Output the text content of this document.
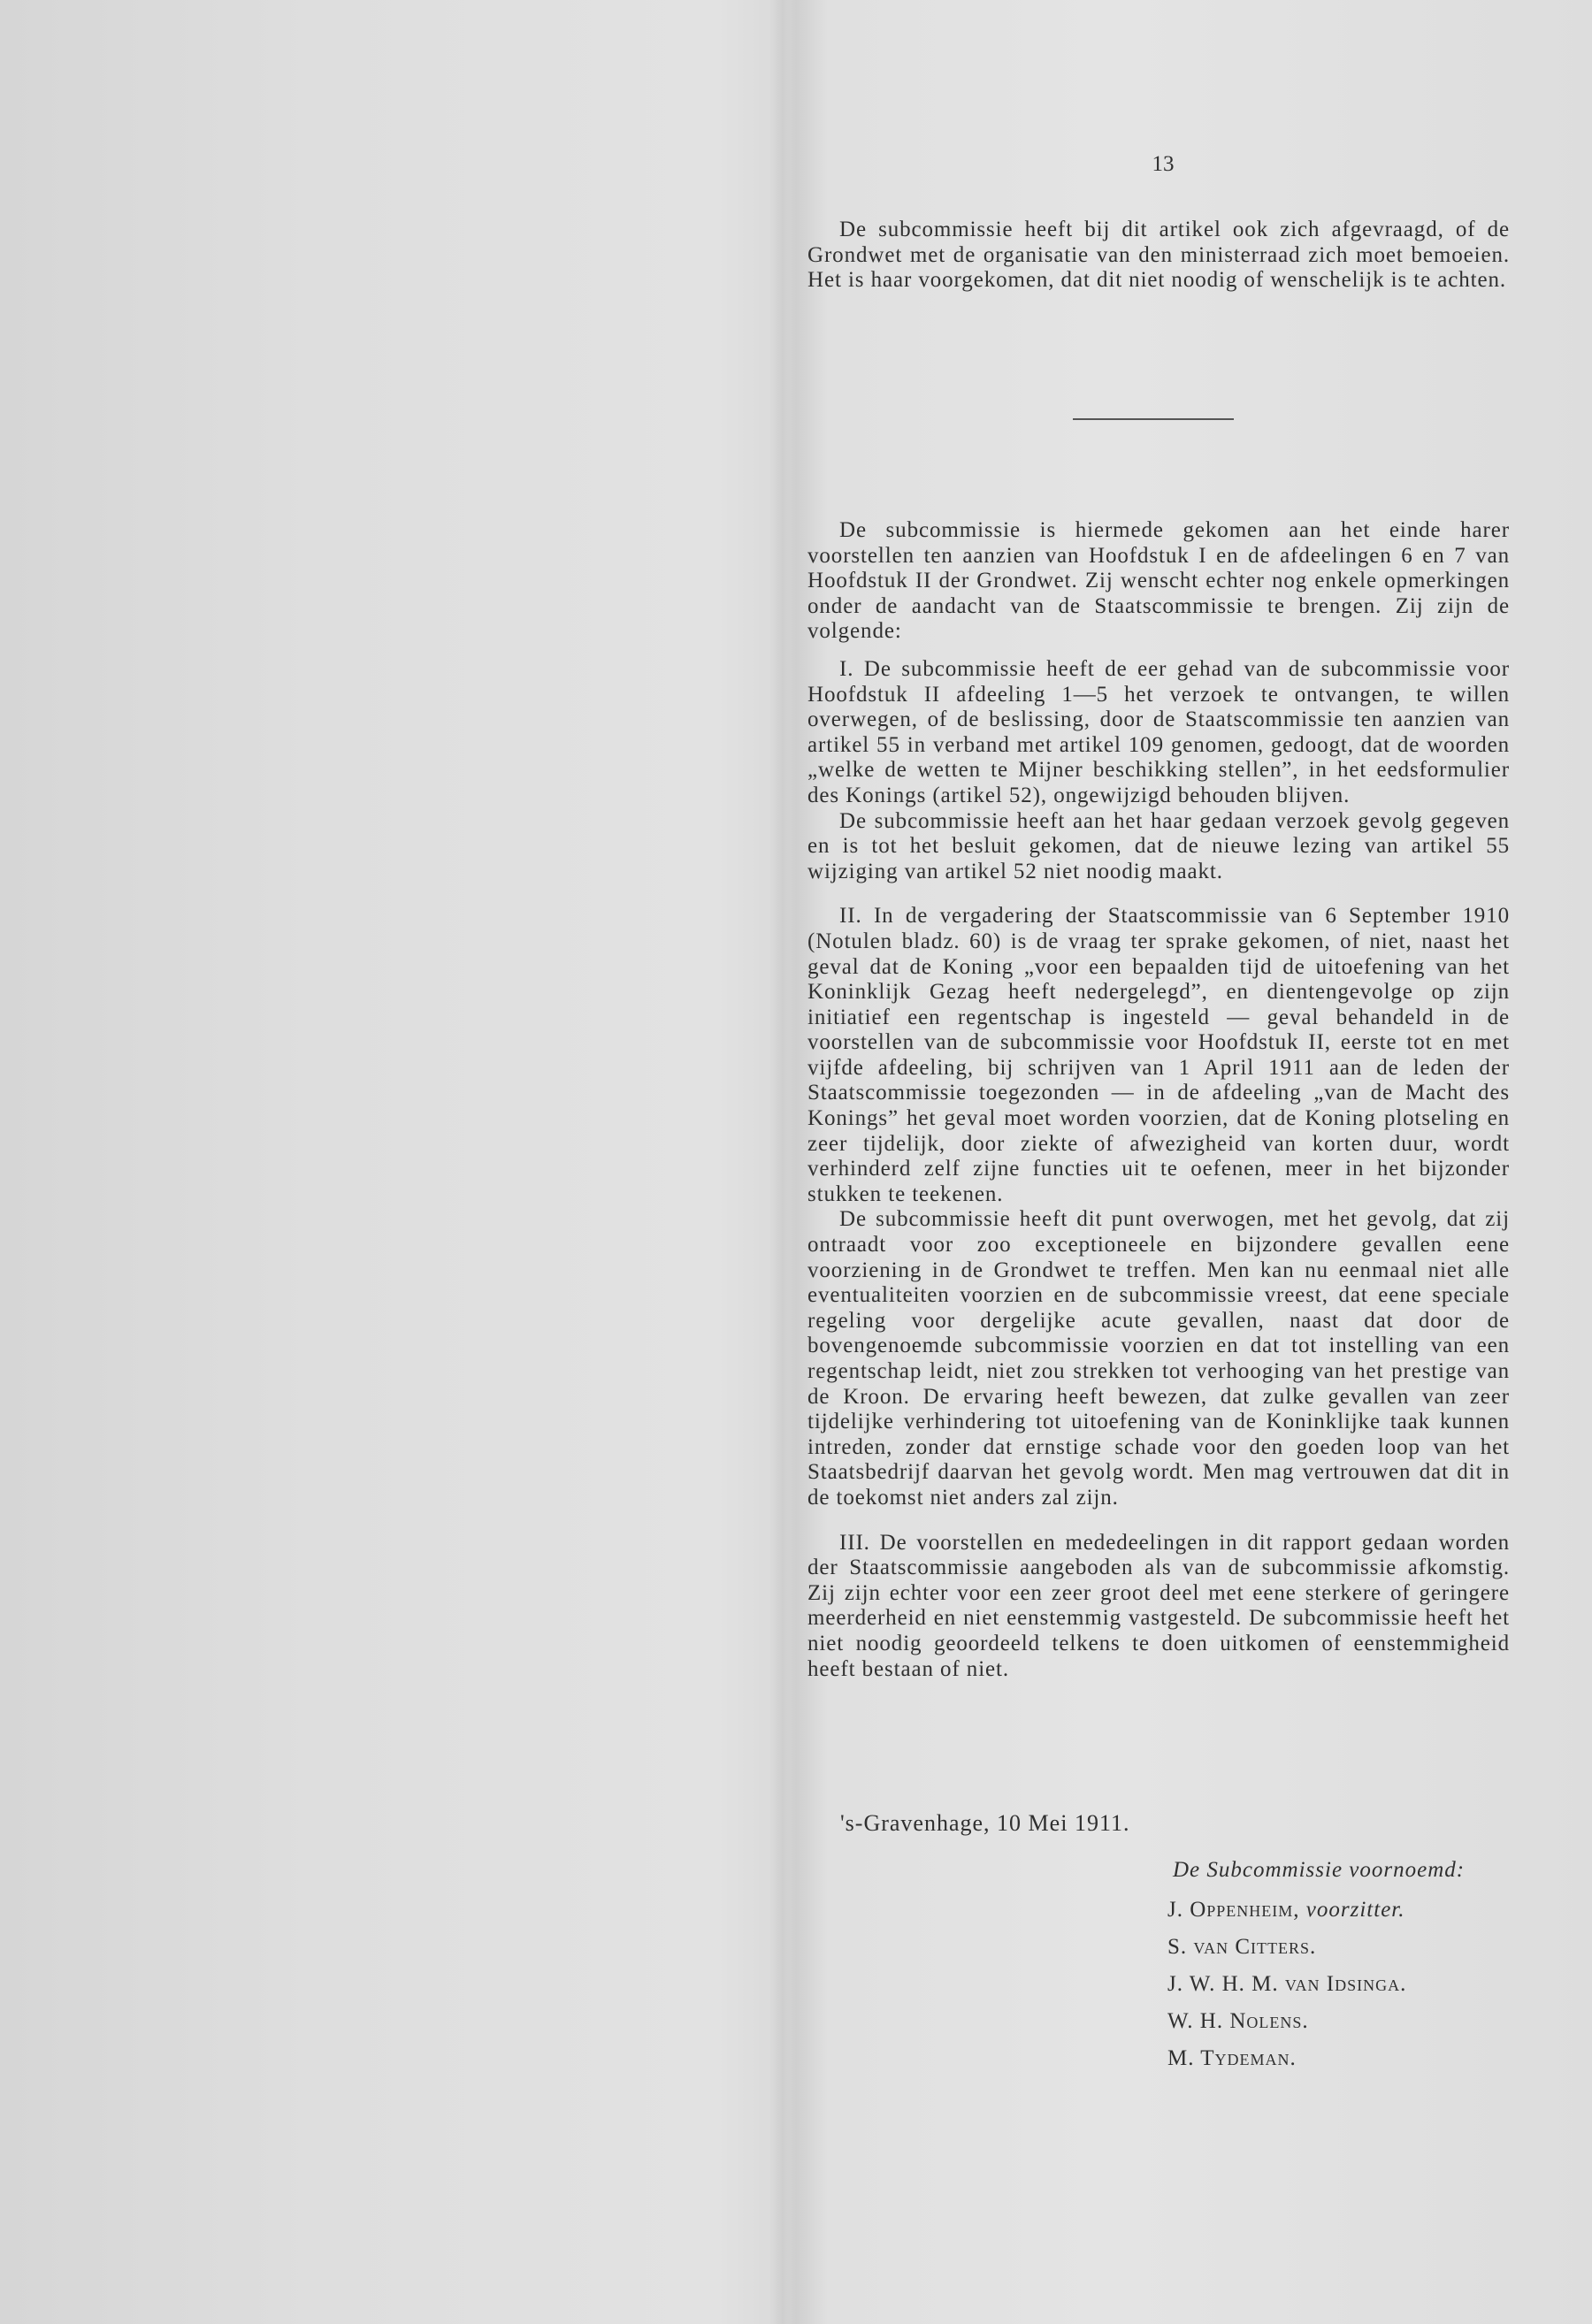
13

De subcommissie heeft bij dit artikel ook zich afgevraagd, of de Grondwet met de organisatie van den ministerraad zich moet bemoeien. Het is haar voorgekomen, dat dit niet noodig of wenschelijk is te achten.

De subcommissie is hiermede gekomen aan het einde harer voorstellen ten aanzien van Hoofdstuk I en de afdeelingen 6 en 7 van Hoofdstuk II der Grondwet. Zij wenscht echter nog enkele opmerkingen onder de aandacht van de Staatscommissie te brengen. Zij zijn de volgende:

I. De subcommissie heeft de eer gehad van de subcommissie voor Hoofdstuk II afdeeling 1—5 het verzoek te ontvangen, te willen overwegen, of de beslissing, door de Staatscommissie ten aanzien van artikel 55 in verband met artikel 109 genomen, gedoogt, dat de woorden „welke de wetten te Mijner beschikking stellen”, in het eedsformulier des Konings (artikel 52), ongewijzigd behouden blijven.

De subcommissie heeft aan het haar gedaan verzoek gevolg gegeven en is tot het besluit gekomen, dat de nieuwe lezing van artikel 55 wijziging van artikel 52 niet noodig maakt.

II. In de vergadering der Staatscommissie van 6 September 1910 (Notulen bladz. 60) is de vraag ter sprake gekomen, of niet, naast het geval dat de Koning „voor een bepaalden tijd de uitoefening van het Koninklijk Gezag heeft nedergelegd”, en dientengevolge op zijn initiatief een regentschap is ingesteld — geval behandeld in de voorstellen van de subcommissie voor Hoofdstuk II, eerste tot en met vijfde afdeeling, bij schrijven van 1 April 1911 aan de leden der Staatscommissie toegezonden — in de afdeeling „van de Macht des Konings” het geval moet worden voorzien, dat de Koning plotseling en zeer tijdelijk, door ziekte of afwezigheid van korten duur, wordt verhinderd zelf zijne functies uit te oefenen, meer in het bijzonder stukken te teekenen.

De subcommissie heeft dit punt overwogen, met het gevolg, dat zij ontraadt voor zoo exceptioneele en bijzondere gevallen eene voorziening in de Grondwet te treffen. Men kan nu eenmaal niet alle eventualiteiten voorzien en de subcommissie vreest, dat eene speciale regeling voor dergelijke acute gevallen, naast dat door de bovengenoemde subcommissie voorzien en dat tot instelling van een regentschap leidt, niet zou strekken tot verhooging van het prestige van de Kroon. De ervaring heeft bewezen, dat zulke gevallen van zeer tijdelijke verhindering tot uitoefening van de Koninklijke taak kunnen intreden, zonder dat ernstige schade voor den goeden loop van het Staatsbedrijf daarvan het gevolg wordt. Men mag vertrouwen dat dit in de toekomst niet anders zal zijn.

III. De voorstellen en mededeelingen in dit rapport gedaan worden der Staatscommissie aangeboden als van de subcommissie afkomstig. Zij zijn echter voor een zeer groot deel met eene sterkere of geringere meerderheid en niet eenstemmig vastgesteld. De subcommissie heeft het niet noodig geoordeeld telkens te doen uitkomen of eenstemmigheid heeft bestaan of niet.

's-Gravenhage, 10 Mei 1911.
De Subcommissie voornoemd:
J. Oppenheim, voorzitter.
S. van Citters.
J. W. H. M. van Idsinga.
W. H. Nolens.
M. Tydeman.
